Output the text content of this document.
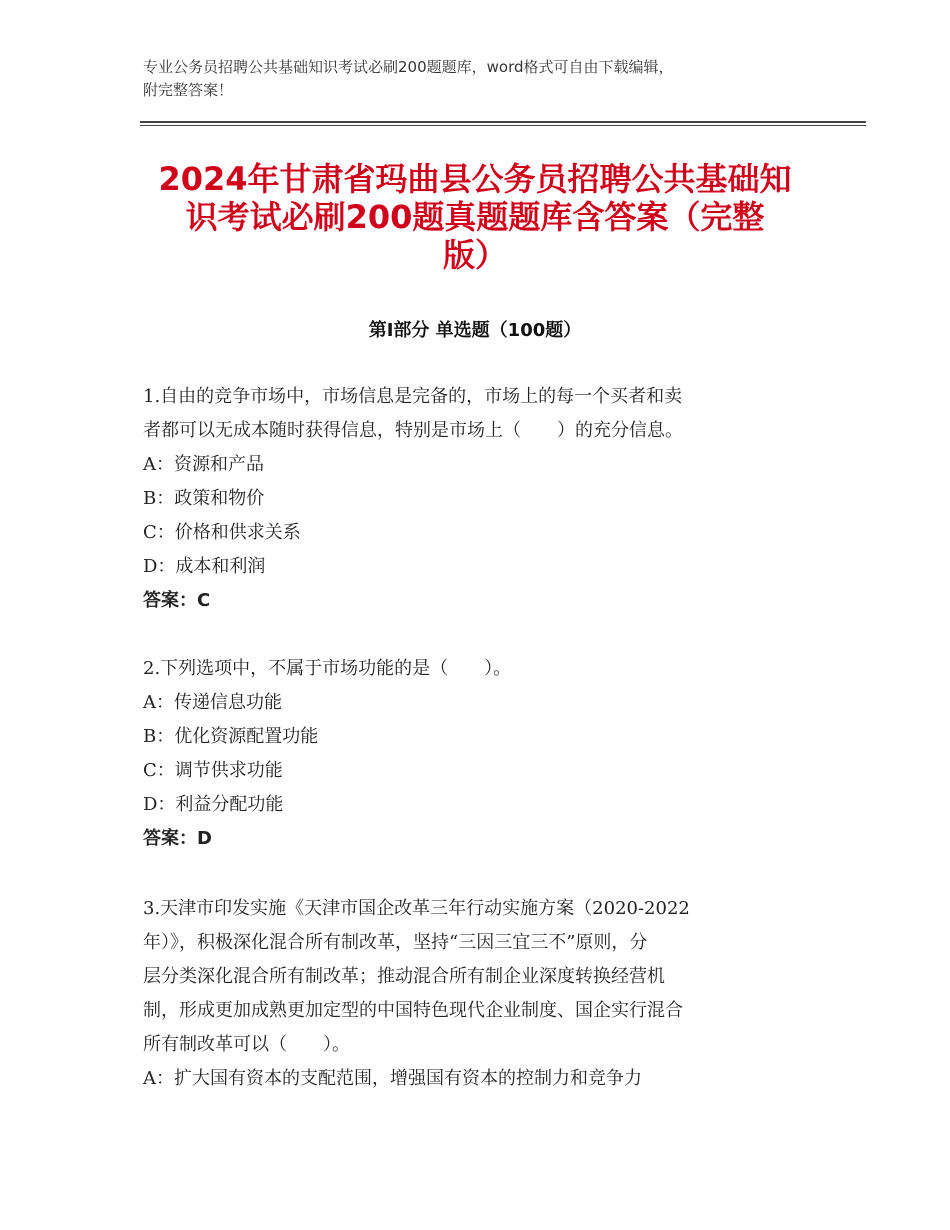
专业公务员招聘公共基础知识考试必刷200题题库，word格式可自由下载编辑，
附完整答案！
2024年甘肃省玛曲县公务员招聘公共基础知
识考试必刷200题真题题库含答案（完整
版）
第Ⅰ部分 单选题（100题）
1.自由的竞争市场中，市场信息是完备的，市场上的每一个买者和卖
者都可以无成本随时获得信息，特别是市场上（　　）的充分信息。
A：资源和产品
B：政策和物价
C：价格和供求关系
D：成本和利润
答案：C
2.下列选项中，不属于市场功能的是（　　）。
A：传递信息功能
B：优化资源配置功能
C：调节供求功能
D：利益分配功能
答案：D
3.天津市印发实施《天津市国企改革三年行动实施方案（2020-2022
年）》，积极深化混合所有制改革，坚持“三因三宜三不”原则，分
层分类深化混合所有制改革；推动混合所有制企业深度转换经营机
制，形成更加成熟更加定型的中国特色现代企业制度、国企实行混合
所有制改革可以（　　）。
A：扩大国有资本的支配范围，增强国有资本的控制力和竞争力
